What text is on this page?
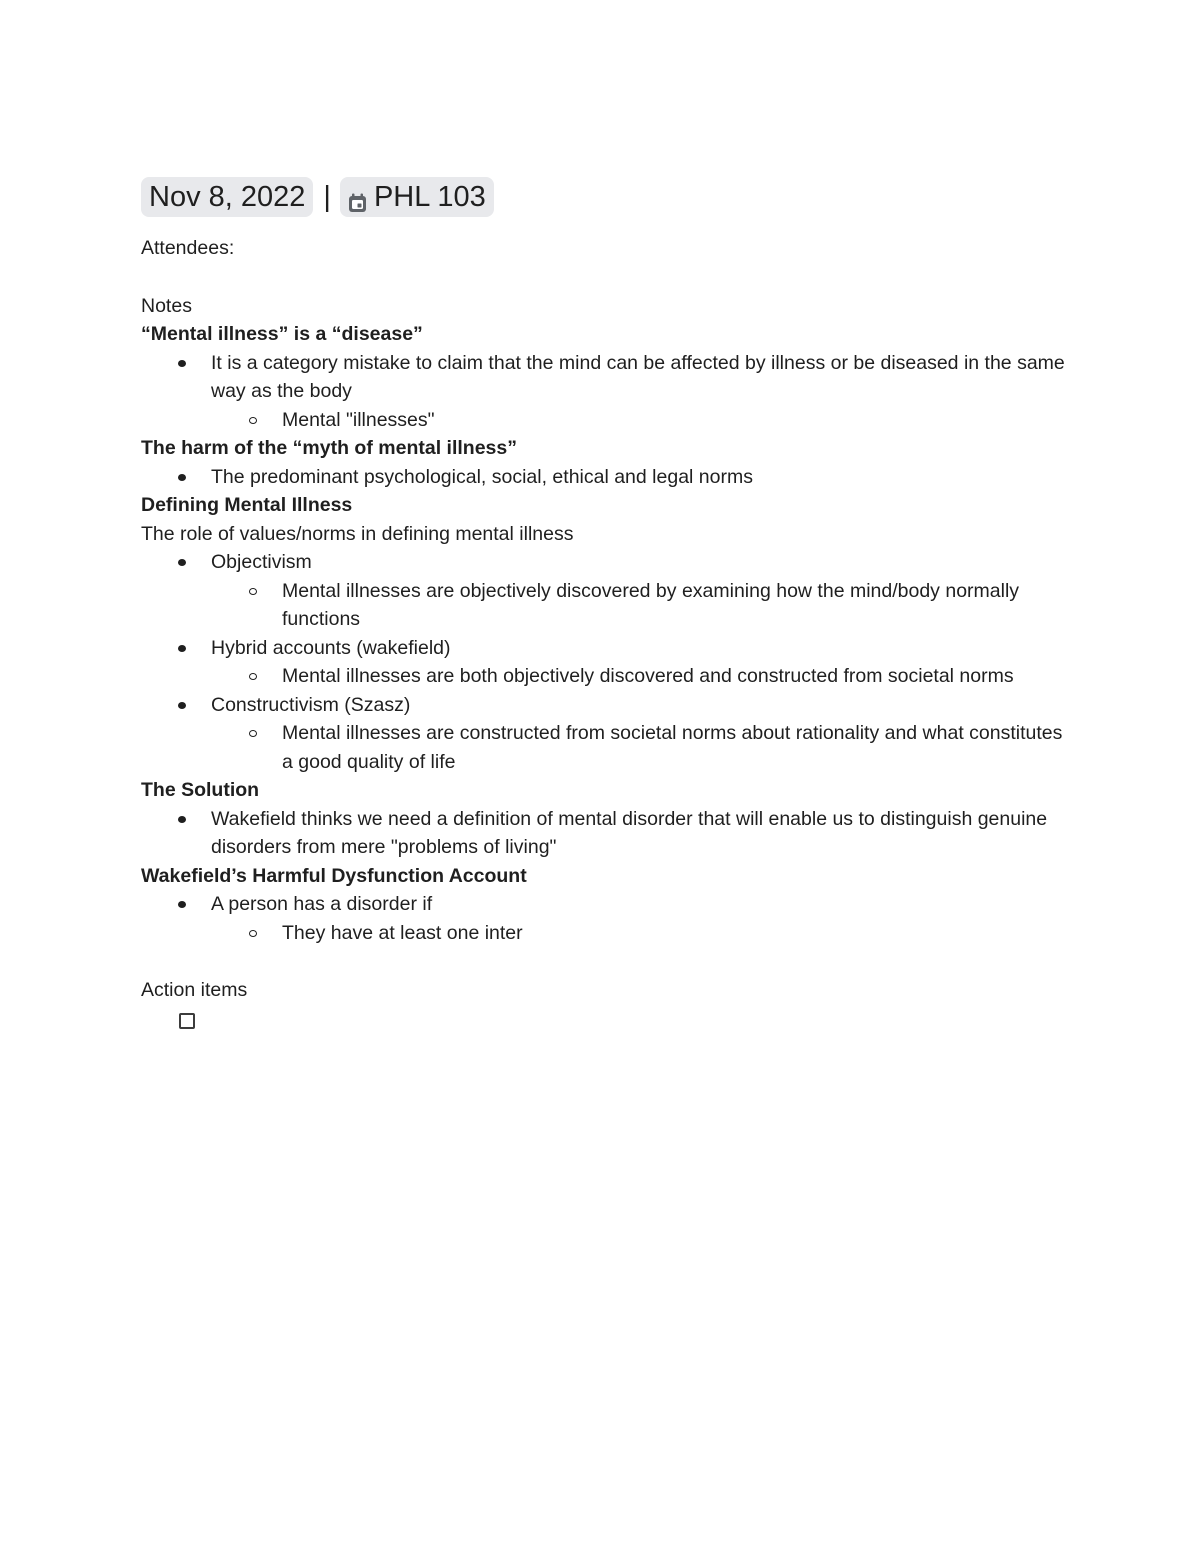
Nov 8, 2022 | PHL 103
Attendees:
Notes
“Mental illness” is a “disease”
It is a category mistake to claim that the mind can be affected by illness or be diseased in the same way as the body
Mental "illnesses"
The harm of the “myth of mental illness”
The predominant psychological, social, ethical and legal norms
Defining Mental Illness
The role of values/norms in defining mental illness
Objectivism
Mental illnesses are objectively discovered by examining how the mind/body normally functions
Hybrid accounts (wakefield)
Mental illnesses are both objectively discovered and constructed from societal norms
Constructivism (Szasz)
Mental illnesses are constructed from societal norms about rationality and what constitutes a good quality of life
The Solution
Wakefield thinks we need a definition of mental disorder that will enable us to distinguish genuine disorders from mere "problems of living"
Wakefield’s Harmful Dysfunction Account
A person has a disorder if
They have at least one inter
Action items
